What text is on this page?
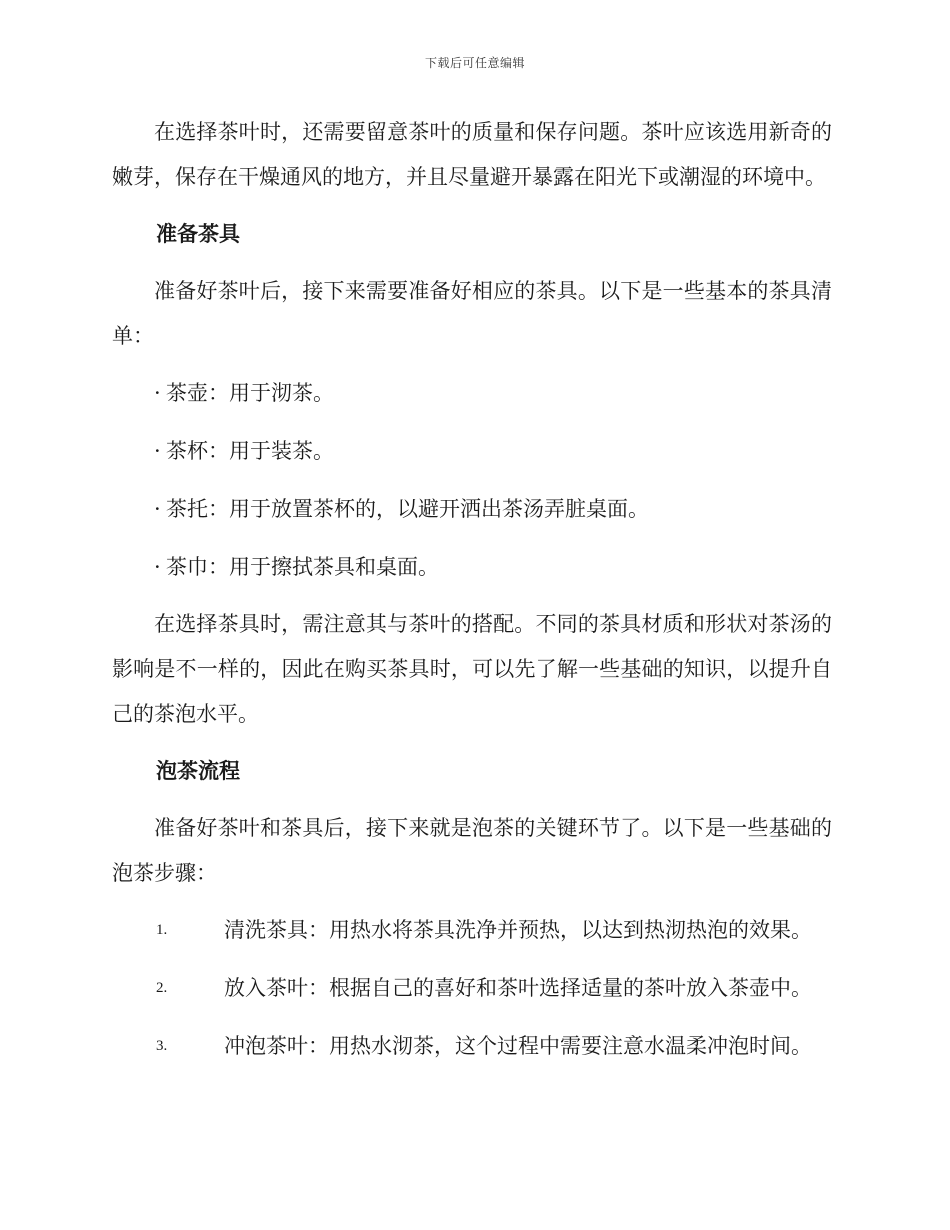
下载后可任意编辑

在选择茶叶时，还需要留意茶叶的质量和保存问题。茶叶应该选用新奇的嫩芽，保存在干燥通风的地方，并且尽量避开暴露在阳光下或潮湿的环境中。

准备茶具

准备好茶叶后，接下来需要准备好相应的茶具。以下是一些基本的茶具清单：

· 茶壶：用于沏茶。
· 茶杯：用于装茶。
· 茶托：用于放置茶杯的，以避开洒出茶汤弄脏桌面。
· 茶巾：用于擦拭茶具和桌面。

在选择茶具时，需注意其与茶叶的搭配。不同的茶具材质和形状对茶汤的影响是不一样的，因此在购买茶具时，可以先了解一些基础的知识，以提升自己的茶泡水平。

泡茶流程

准备好茶叶和茶具后，接下来就是泡茶的关键环节了。以下是一些基础的泡茶步骤：

1.	清洗茶具：用热水将茶具洗净并预热，以达到热沏热泡的效果。
2.	放入茶叶：根据自己的喜好和茶叶选择适量的茶叶放入茶壶中。
3.	冲泡茶叶：用热水沏茶，这个过程中需要注意水温柔冲泡时间。
